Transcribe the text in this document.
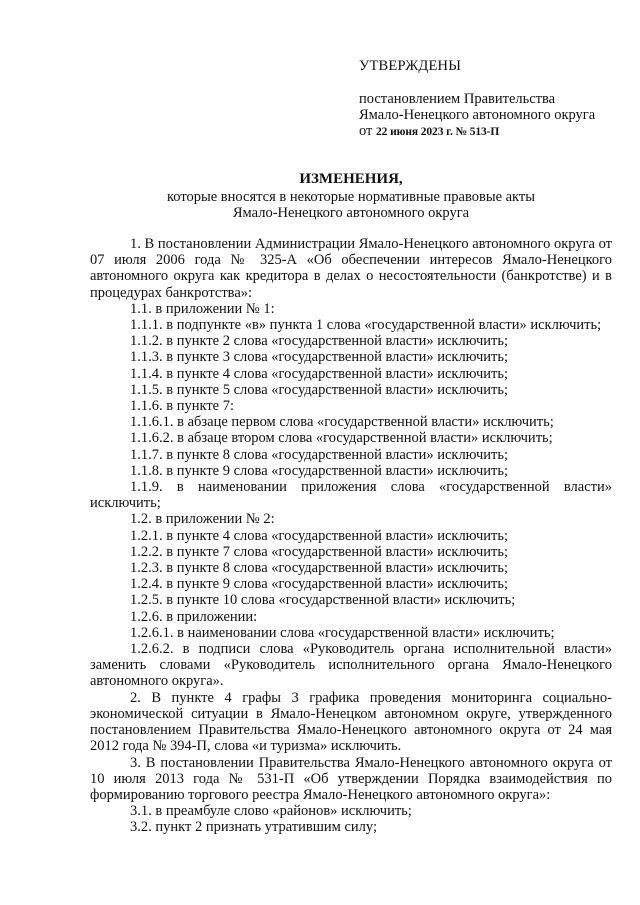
УТВЕРЖДЕНЫ
постановлением Правительства
Ямало-Ненецкого автономного округа
от 22 июня 2023 г. № 513-П
ИЗМЕНЕНИЯ,
которые вносятся в некоторые нормативные правовые акты
Ямало-Ненецкого автономного округа

1. В постановлении Администрации Ямало-Ненецкого автономного округа от 07 июля 2006 года № 325-А «Об обеспечении интересов Ямало-Ненецкого автономного округа как кредитора в делах о несостоятельности (банкротстве) и в процедурах банкротства»:

1.1. в приложении № 1:

1.1.1. в подпункте «в» пункта 1 слова «государственной власти» исключить;

1.1.2. в пункте 2 слова «государственной власти» исключить;

1.1.3. в пункте 3 слова «государственной власти» исключить;

1.1.4. в пункте 4 слова «государственной власти» исключить;

1.1.5. в пункте 5 слова «государственной власти» исключить;

1.1.6. в пункте 7:

1.1.6.1. в абзаце первом слова «государственной власти» исключить;

1.1.6.2. в абзаце втором слова «государственной власти» исключить;

1.1.7. в пункте 8 слова «государственной власти» исключить;

1.1.8. в пункте 9 слова «государственной власти» исключить;

1.1.9. в наименовании приложения слова «государственной власти» исключить;

1.2. в приложении № 2:

1.2.1. в пункте 4 слова «государственной власти» исключить;

1.2.2. в пункте 7 слова «государственной власти» исключить;

1.2.3. в пункте 8 слова «государственной власти» исключить;

1.2.4. в пункте 9 слова «государственной власти» исключить;

1.2.5. в пункте 10 слова «государственной власти» исключить;

1.2.6. в приложении:

1.2.6.1. в наименовании слова «государственной власти» исключить;

1.2.6.2. в подписи слова «Руководитель органа исполнительной власти» заменить словами «Руководитель исполнительного органа Ямало-Ненецкого автономного округа».

2. В пункте 4 графы 3 графика проведения мониторинга социально-экономической ситуации в Ямало-Ненецком автономном округе, утвержденного постановлением Правительства Ямало-Ненецкого автономного округа от 24 мая 2012 года № 394-П, слова «и туризма» исключить.

3. В постановлении Правительства Ямало-Ненецкого автономного округа от 10 июля 2013 года № 531-П «Об утверждении Порядка взаимодействия по формированию торгового реестра Ямало-Ненецкого автономного округа»:

3.1. в преамбуле слово «районов» исключить;

3.2. пункт 2 признать утратившим силу;
